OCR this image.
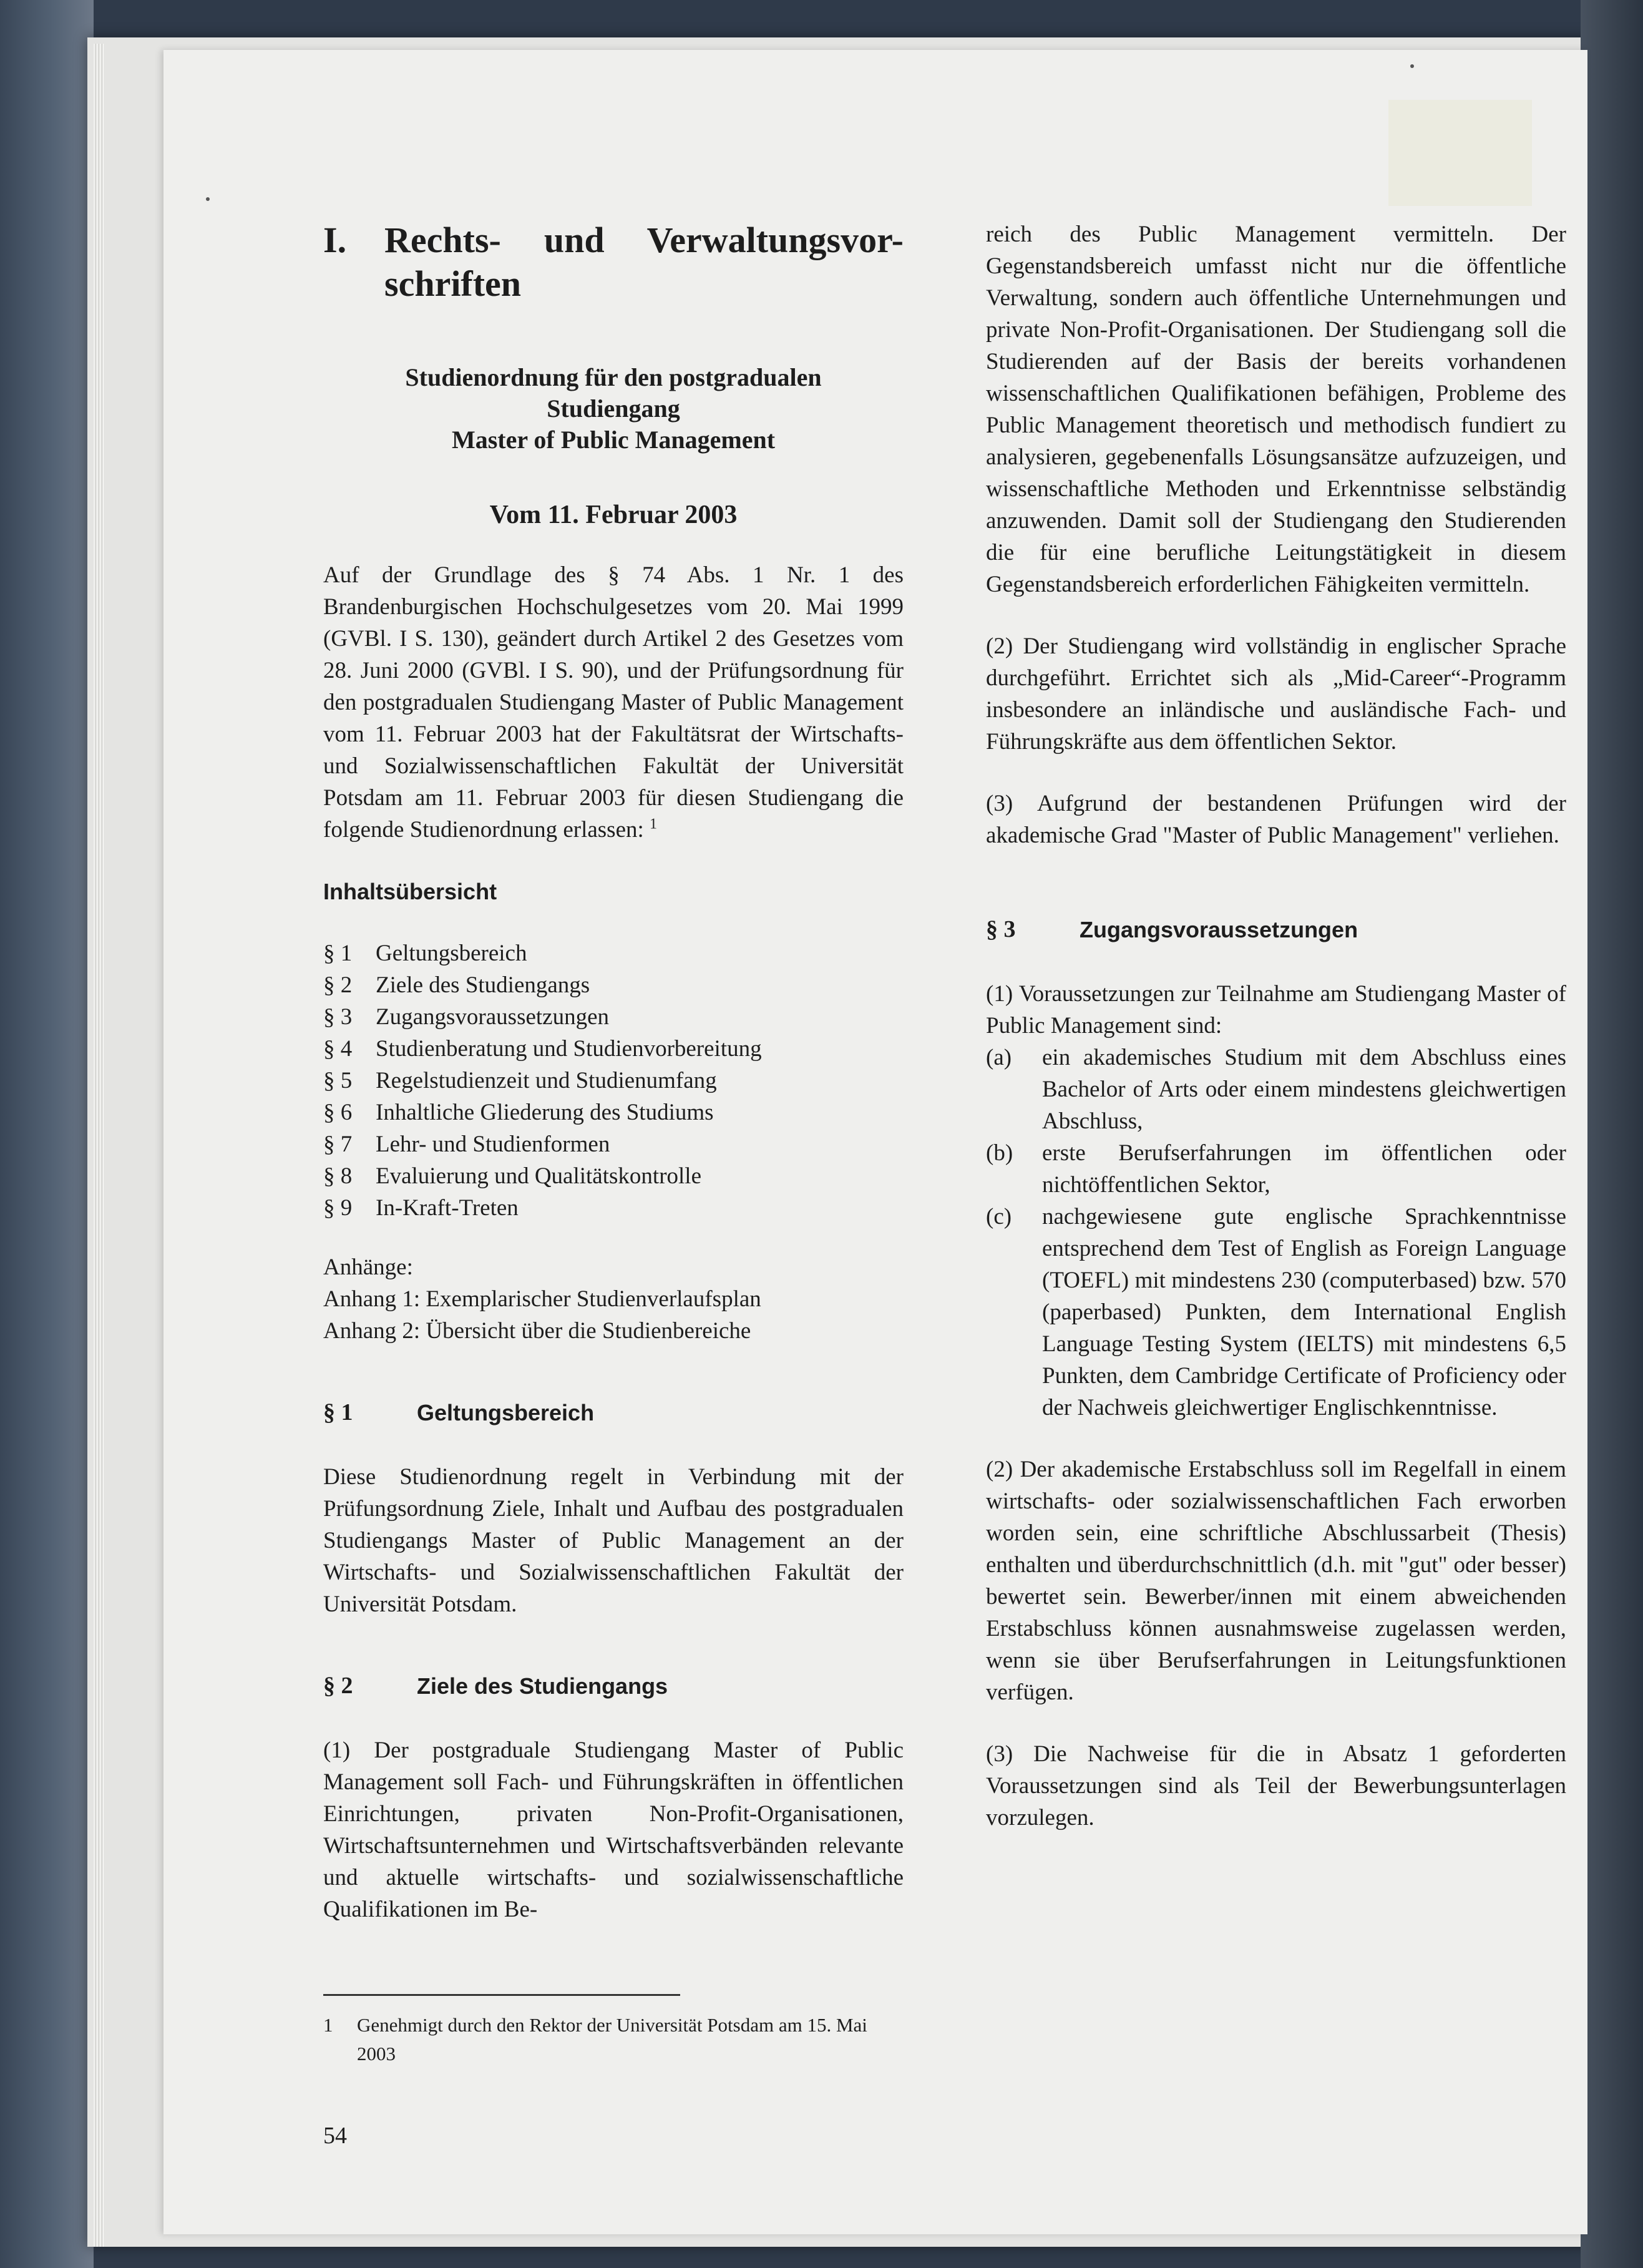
I.	Rechts- und Verwaltungsvor-
schriften
Studienordnung für den postgradualen
Studiengang
Master of Public Management
Vom 11. Februar 2003

Auf der Grundlage des § 74 Abs. 1 Nr. 1 des Brandenburgischen Hochschulgesetzes vom 20. Mai 1999 (GVBl. I S. 130), geändert durch Artikel 2 des Gesetzes vom 28. Juni 2000 (GVBl. I S. 90), und der Prüfungsordnung für den postgradualen Studiengang Master of Public Management vom 11. Februar 2003 hat der Fakultätsrat der Wirtschafts- und Sozialwissenschaftlichen Fakultät der Universität Potsdam am 11. Februar 2003 für diesen Studiengang die folgende Studienordnung erlassen: $^1$

Inhaltsübersicht
§ 1	Geltungsbereich
§ 2	Ziele des Studiengangs
§ 3	Zugangsvoraussetzungen
§ 4	Studienberatung und Studienvorbereitung
§ 5	Regelstudienzeit und Studienumfang
§ 6	Inhaltliche Gliederung des Studiums
§ 7	Lehr- und Studienformen
§ 8	Evaluierung und Qualitätskontrolle
§ 9	In-Kraft-Treten
Anhänge:
Anhang 1: Exemplarischer Studienverlaufsplan
Anhang 2: Übersicht über die Studienbereiche
§ 1	Geltungsbereich

Diese Studienordnung regelt in Verbindung mit der Prüfungsordnung Ziele, Inhalt und Aufbau des postgradualen Studiengangs Master of Public Management an der Wirtschafts- und Sozialwissenschaftlichen Fakultät der Universität Potsdam.

§ 2	Ziele des Studiengangs

(1) Der postgraduale Studiengang Master of Public Management soll Fach- und Führungskräften in öffentlichen Einrichtungen, privaten Non-Profit-Organisationen, Wirtschaftsunternehmen und Wirtschaftsverbänden relevante und aktuelle wirtschafts- und sozialwissenschaftliche Qualifikationen im Be-

reich des Public Management vermitteln. Der Gegenstandsbereich umfasst nicht nur die öffentliche Verwaltung, sondern auch öffentliche Unternehmungen und private Non-Profit-Organisationen. Der Studiengang soll die Studierenden auf der Basis der bereits vorhandenen wissenschaftlichen Qualifikationen befähigen, Probleme des Public Management theoretisch und methodisch fundiert zu analysieren, gegebenenfalls Lösungsansätze aufzuzeigen, und wissenschaftliche Methoden und Erkenntnisse selbständig anzuwenden. Damit soll der Studiengang den Studierenden die für eine berufliche Leitungstätigkeit in diesem Gegenstandsbereich erforderlichen Fähigkeiten vermitteln.

(2) Der Studiengang wird vollständig in englischer Sprache durchgeführt. Errichtet sich als „Mid-Career“-Programm insbesondere an inländische und ausländische Fach- und Führungskräfte aus dem öffentlichen Sektor.

(3) Aufgrund der bestandenen Prüfungen wird der akademische Grad "Master of Public Management" verliehen.

§ 3	Zugangsvoraussetzungen
(1) Voraussetzungen zur Teilnahme am Studiengang Master of Public Management sind:
(a)	ein akademisches Studium mit dem Abschluss eines Bachelor of Arts oder einem mindestens gleichwertigen Abschluss,
(b)	erste Berufserfahrungen im öffentlichen oder nichtöffentlichen Sektor,
(c)	nachgewiesene gute englische Sprachkenntnisse entsprechend dem Test of English as Foreign Language (TOEFL) mit mindestens 230 (computerbased) bzw. 570 (paperbased) Punkten, dem International English Language Testing System (IELTS) mit mindestens 6,5 Punkten, dem Cambridge Certificate of Proficiency oder der Nachweis gleichwertiger Englischkenntnisse.

(2) Der akademische Erstabschluss soll im Regelfall in einem wirtschafts- oder sozialwissenschaftlichen Fach erworben worden sein, eine schriftliche Abschlussarbeit (Thesis) enthalten und überdurchschnittlich (d.h. mit "gut" oder besser) bewertet sein. Bewerber/innen mit einem abweichenden Erstabschluss können ausnahmsweise zugelassen werden, wenn sie über Berufserfahrungen in Leitungsfunktionen verfügen.

(3) Die Nachweise für die in Absatz 1 geforderten Voraussetzungen sind als Teil der Bewerbungsunterlagen vorzulegen.

1	Genehmigt durch den Rektor der Universität Potsdam am 15. Mai 2003
54
